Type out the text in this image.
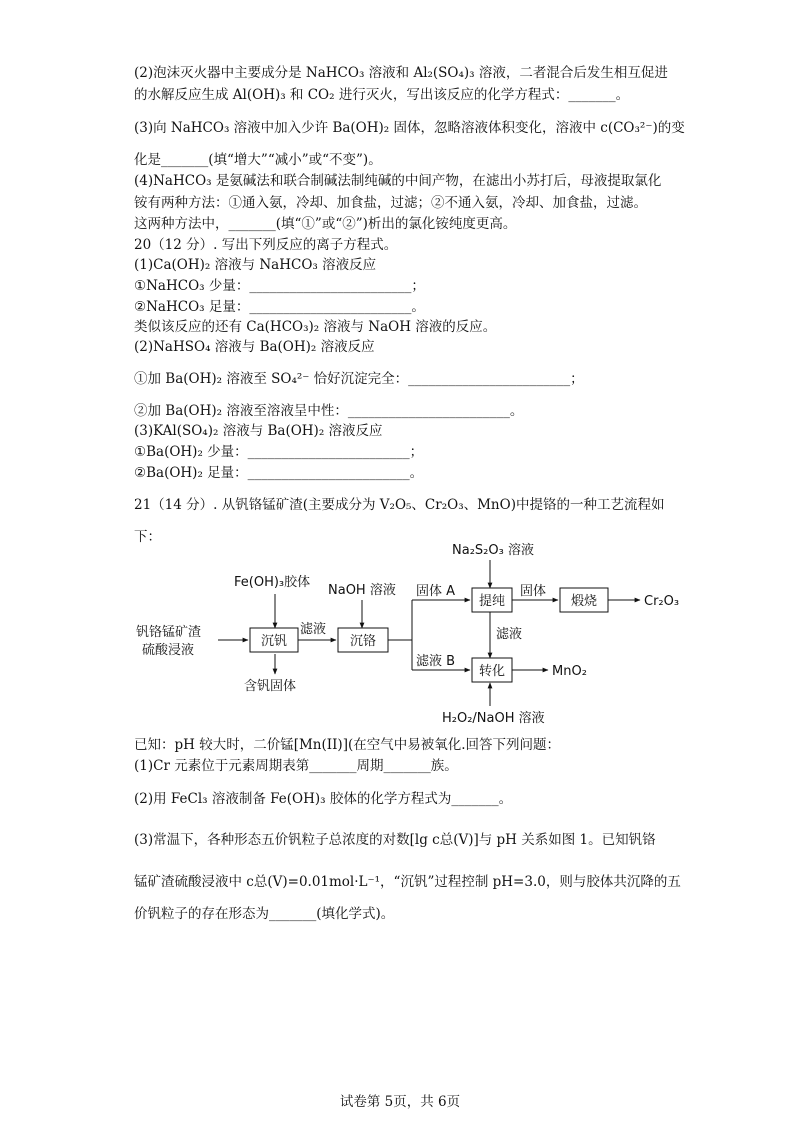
(2)泡沫灭火器中主要成分是 NaHCO₃ 溶液和 Al₂(SO₄)₃ 溶液，二者混合后发生相互促进
的水解反应生成 Al(OH)₃ 和 CO₂ 进行灭火，写出该反应的化学方程式：_______。
(3)向 NaHCO₃ 溶液中加入少许 Ba(OH)₂ 固体，忽略溶液体积变化，溶液中 c(CO₃²⁻)的变
化是_______(填“增大”“减小”或“不变”)。
(4)NaHCO₃ 是氨碱法和联合制碱法制纯碱的中间产物，在滤出小苏打后，母液提取氯化
铵有两种方法：①通入氨，冷却、加食盐，过滤；②不通入氨，冷却、加食盐，过滤。
这两种方法中，_______(填“①”或“②”)析出的氯化铵纯度更高。
20（12 分）. 写出下列反应的离子方程式。
(1)Ca(OH)₂ 溶液与 NaHCO₃ 溶液反应
①NaHCO₃ 少量：________________________；
②NaHCO₃ 足量：________________________。
类似该反应的还有 Ca(HCO₃)₂ 溶液与 NaOH 溶液的反应。
(2)NaHSO₄ 溶液与 Ba(OH)₂ 溶液反应
①加 Ba(OH)₂ 溶液至 SO₄²⁻ 恰好沉淀完全：________________________；
②加 Ba(OH)₂ 溶液至溶液呈中性：________________________。
(3)KAl(SO₄)₂ 溶液与 Ba(OH)₂ 溶液反应
①Ba(OH)₂ 少量：________________________；
②Ba(OH)₂ 足量：________________________。
21（14 分）. 从钒铬锰矿渣(主要成分为 V₂O₅、Cr₂O₃、MnO)中提铬的一种工艺流程如
下：
钒铬锰矿渣
硫酸浸液
Fe(OH)₃胶体
沉钒
含钒固体
滤液
NaOH 溶液
沉铬
固体 A
滤液 B
Na₂S₂O₃ 溶液
提纯
固体
煅烧	Cr₂O₃
滤液
转化	MnO₂
H₂O₂/NaOH 溶液
已知：pH 较大时，二价锰[Mn(II)](在空气中易被氧化.回答下列问题：
(1)Cr 元素位于元素周期表第_______周期_______族。
(2)用 FeCl₃ 溶液制备 Fe(OH)₃ 胶体的化学方程式为_______。
(3)常温下，各种形态五价钒粒子总浓度的对数[lg c总(V)]与 pH 关系如图 1。已知钒铬
锰矿渣硫酸浸液中 c总(V)=0.01mol·L⁻¹，“沉钒”过程控制 pH=3.0，则与胶体共沉降的五
价钒粒子的存在形态为_______(填化学式)。
试卷第 5页，共 6页
